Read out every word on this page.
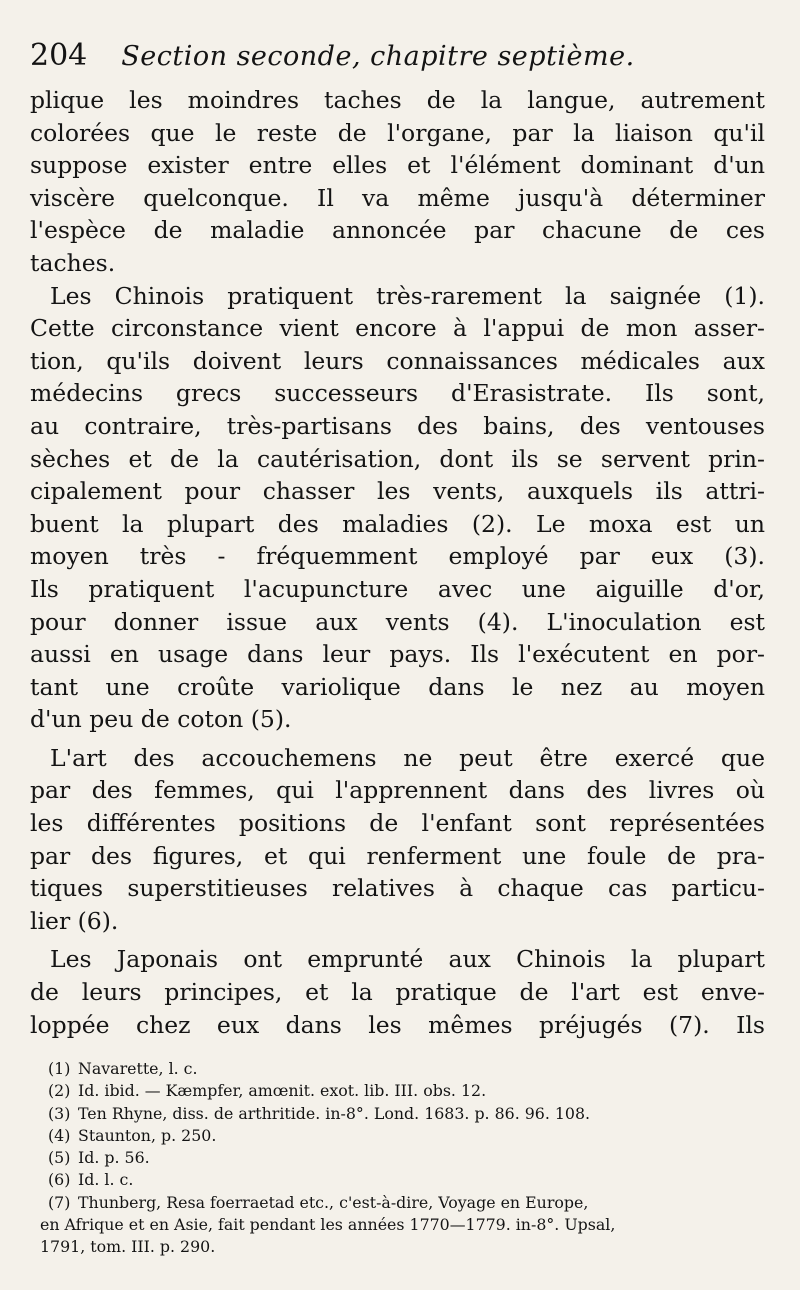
204 Section seconde, chapitre septième.
plique les moindres taches de la langue, autrement
colorées que le reste de l'organe, par la liaison qu'il
suppose exister entre elles et l'élément dominant d'un
viscère quelconque. Il va même jusqu'à déterminer
l'espèce de maladie annoncée par chacune de ces
taches.
Les Chinois pratiquent très-rarement la saignée (1).
Cette circonstance vient encore à l'appui de mon asser-
tion, qu'ils doivent leurs connaissances médicales aux
médecins grecs successeurs d'Erasistrate. Ils sont,
au contraire, très-partisans des bains, des ventouses
sèches et de la cautérisation, dont ils se servent prin-
cipalement pour chasser les vents, auxquels ils attri-
buent la plupart des maladies (2). Le moxa est un
moyen très - fréquemment employé par eux (3).
Ils pratiquent l'acupuncture avec une aiguille d'or,
pour donner issue aux vents (4). L'inoculation est
aussi en usage dans leur pays. Ils l'exécutent en por-
tant une croûte variolique dans le nez au moyen
d'un peu de coton (5).
L'art des accouchemens ne peut être exercé que
par des femmes, qui l'apprennent dans des livres où
les différentes positions de l'enfant sont représentées
par des figures, et qui renferment une foule de pra-
tiques superstitieuses relatives à chaque cas particu-
lier (6).
Les Japonais ont emprunté aux Chinois la plupart
de leurs principes, et la pratique de l'art est enve-
loppée chez eux dans les mêmes préjugés (7). Ils
(1) Navarette, l. c.
(2) Id. ibid. — Kæmpfer, amœnit. exot. lib. III. obs. 12.
(3) Ten Rhyne, diss. de arthritide. in-8°. Lond. 1683. p. 86. 96. 108.
(4) Staunton, p. 250.
(5) Id. p. 56.
(6) Id. l. c.
(7) Thunberg, Resa foerraetad etc., c'est-à-dire, Voyage en Europe,
en Afrique et en Asie, fait pendant les années 1770—1779. in-8°. Upsal,
1791, tom. III. p. 290.
